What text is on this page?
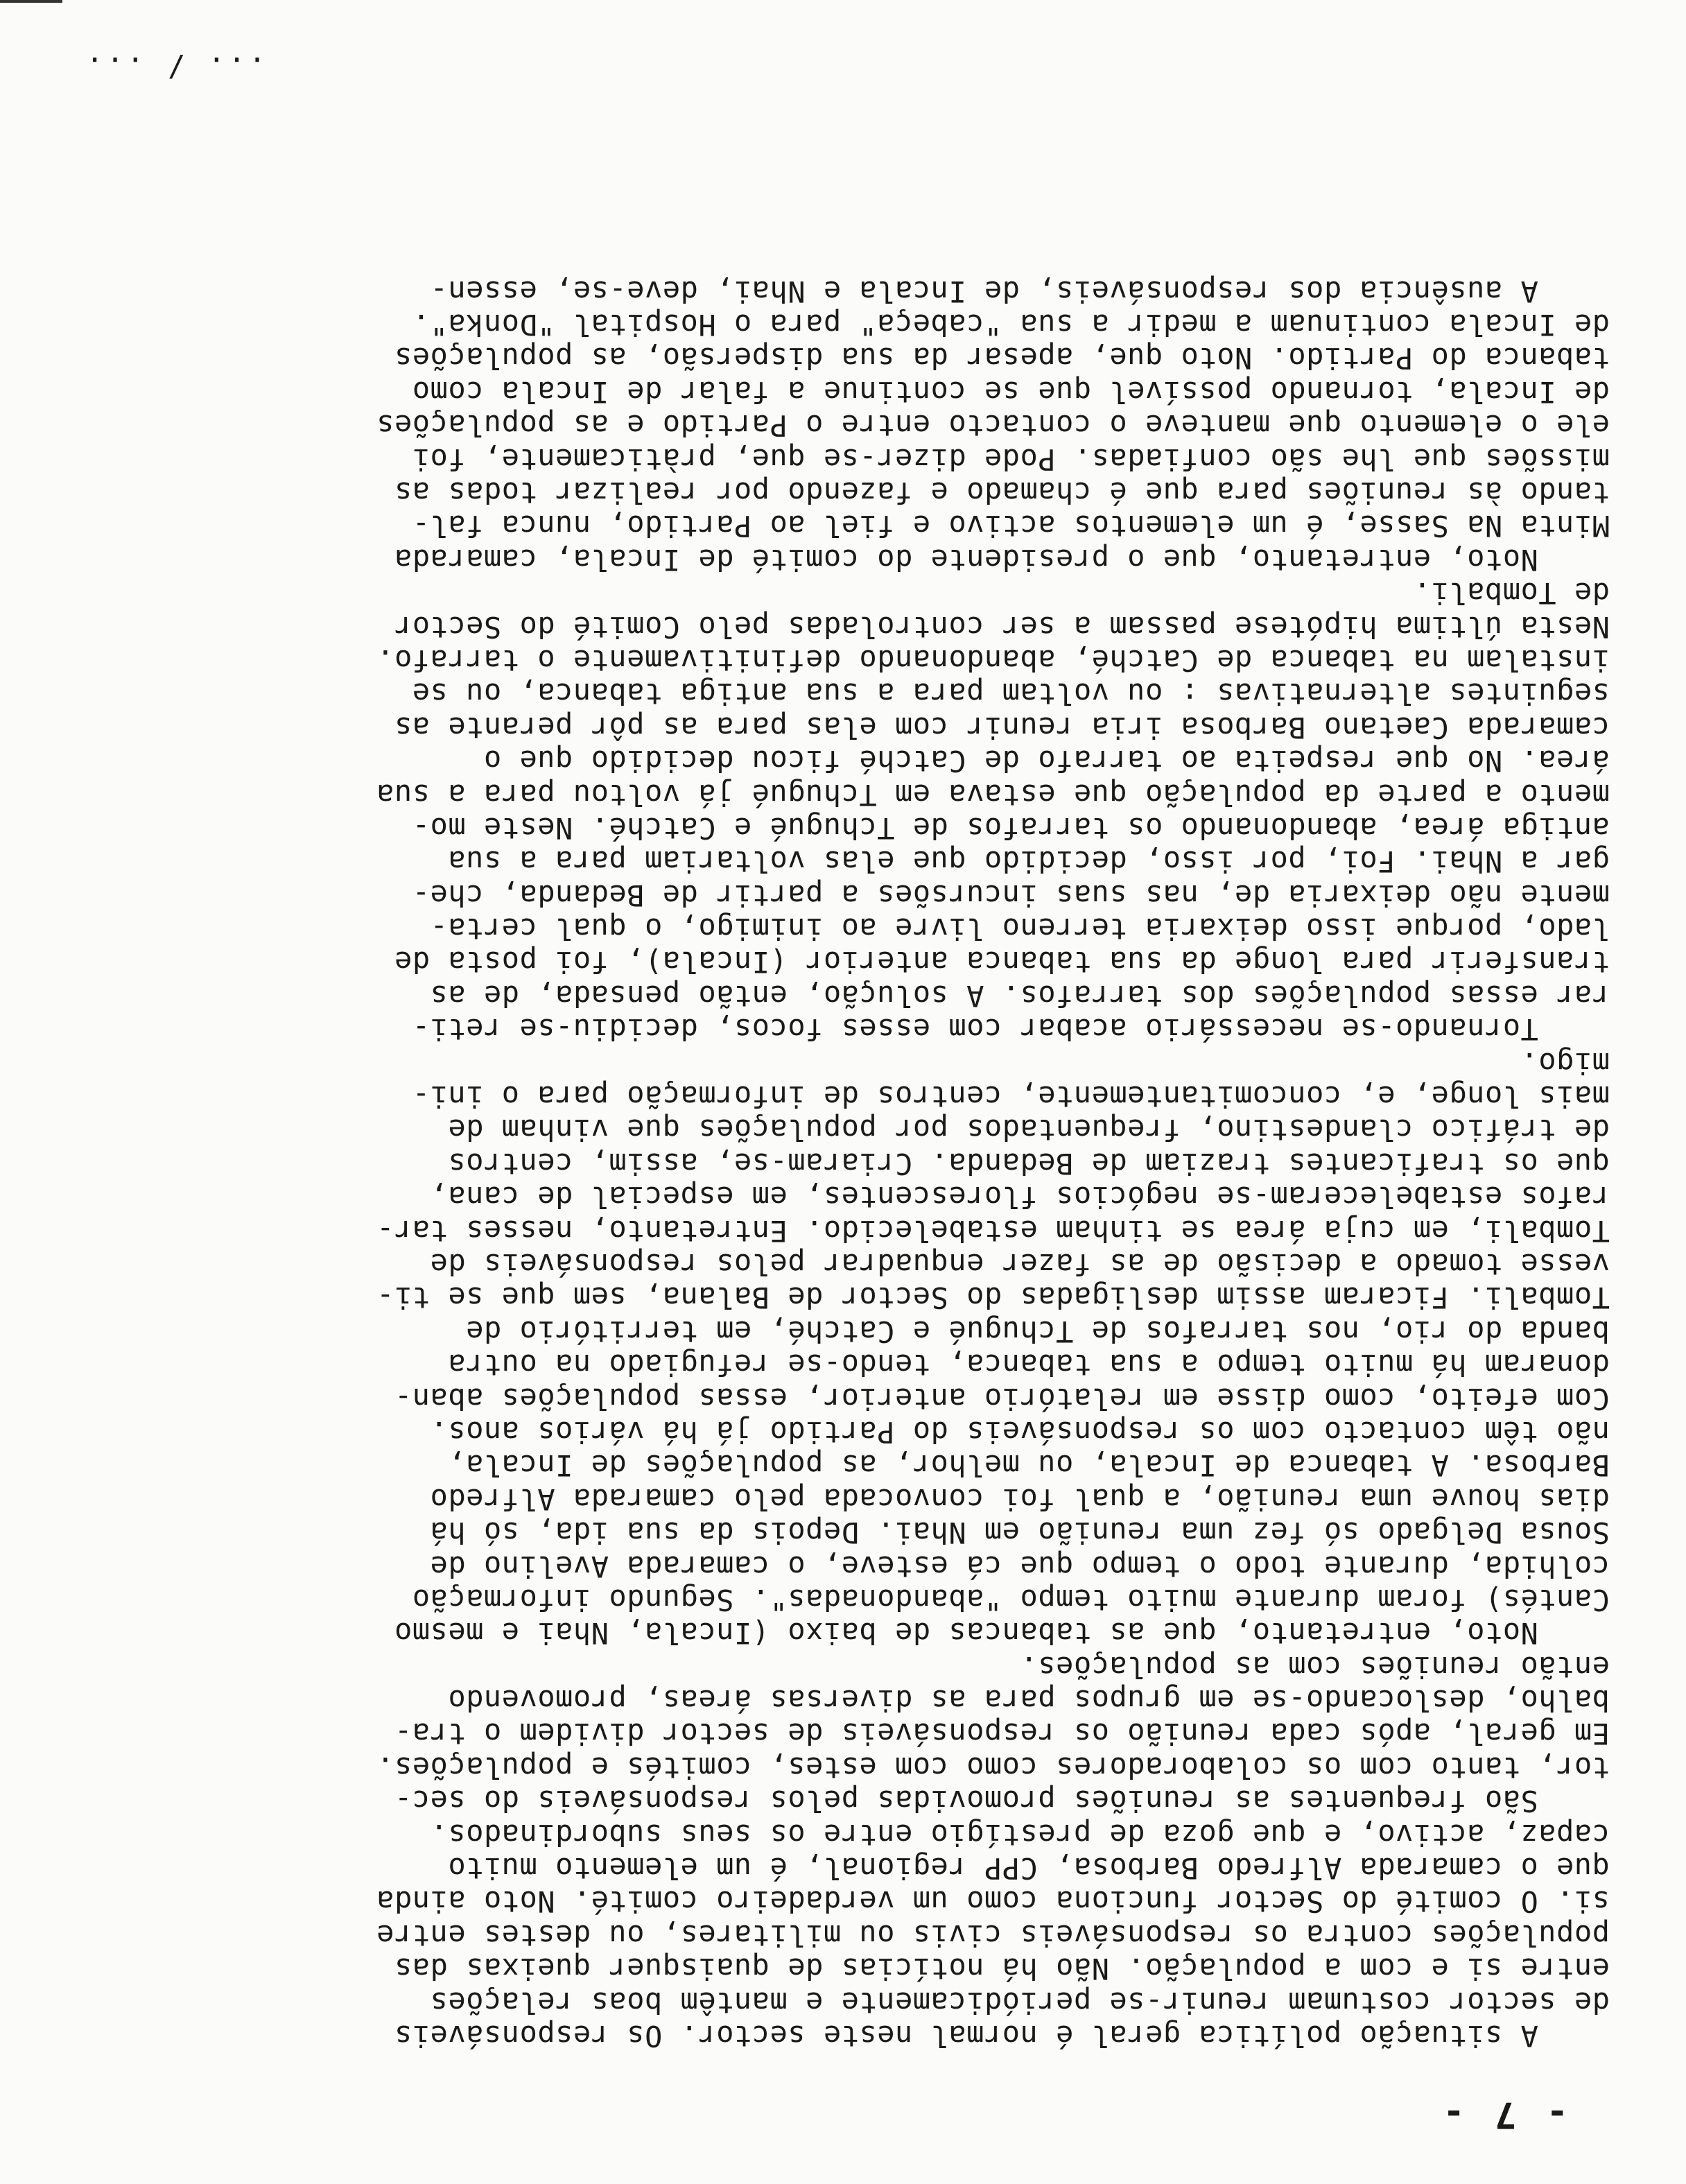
- 7 -
A situação política geral é normal neste sector. Os responsáveis
de sector costumam reunir-se periódicamente e mantêm boas relações
entre si e com a população. Não há notícias de quaisquer queixas das
populações contra os responsáveis civis ou militares, ou destes entre
si. O comité do Sector funciona como um verdadeiro comité. Noto ainda
que o camarada Alfredo Barbosa, CPP regional, é um elemento muito
capaz, activo, e que goza de prestígio entre os seus subordinados.
São frequentes as reuniões promovidas pelos responsáveis do sec-
tor, tanto com os colaboradores como com estes, comités e populações.
Em geral, após cada reunião os responsáveis de sector dividem o tra-
balho, deslocando-se em grupos para as diversas áreas, promovendo
então reuniões com as populações.
Noto, entretanto, que as tabancas de baixo (Incala, Nhai e mesmo
Cantés) foram durante muito tempo "abandonadas". Segundo informação
colhida, durante todo o tempo que cá esteve, o camarada Avelino de
Sousa Delgado só fez uma reunião em Nhai. Depois da sua ida, só há
dias houve uma reunião, a qual foi convocada pelo camarada Alfredo
Barbosa. A tabanca de Incala, ou melhor, as populações de Incala,
não têm contacto com os responsáveis do Partido já há vários anos.
Com efeito, como disse em relatório anterior, essas populações aban-
donaram há muito tempo a sua tabanca, tendo-se refugiado na outra
banda do rio, nos tarrafos de Tchugué e Catché, em território de
Tombali. Ficaram assim desligadas do Sector de Balana, sem que se ti-
vesse tomado a decisão de as fazer enquadrar pelos responsáveis de
Tombali, em cuja área se tinham estabelecido. Entretanto, nesses tar-
rafos estabeleceram-se negócios florescentes, em especial de cana,
que os traficantes traziam de Bedanda. Criaram-se, assim, centros
de tráfico clandestino, frequentados por populações que vinham de
mais longe, e, concomitantemente, centros de informação para o ini-
migo.
Tornando-se necessário acabar com esses focos, decidiu-se reti-
rar essas populações dos tarrafos. A solução, então pensada, de as
transferir para longe da sua tabanca anterior (Incala), foi posta de
lado, porque isso deixaria terreno livre ao inimigo, o qual certa-
mente não deixaria de, nas suas incursões a partir de Bedanda, che-
gar a Nhai. Foi, por isso, decidido que elas voltariam para a sua
antiga área, abandonando os tarrafos de Tchugué e Catché. Neste mo-
mento a parte da população que estava em Tchugué já voltou para a sua
área. No que respeita ao tarrafo de Catché ficou decidido que o
camarada Caetano Barbosa iria reunir com elas para as pôr perante as
seguintes alternativas : ou voltam para a sua antiga tabanca, ou se
instalam na tabanca de Catché, abandonando definitivamente o tarrafo.
Nesta última hipótese passam a ser controladas pelo Comité do Sector
de Tombali.
Noto, entretanto, que o presidente do comité de Incala, camarada
Minta Na Sasse, é um elementos activo e fiel ao Partido, nunca fal-
tando às reuniões para que é chamado e fazendo por realizar todas as
missões que lhe são confiadas. Pode dizer-se que, pràticamente, foi
ele o elemento que manteve o contacto entre o Partido e as populações
de Incala, tornando possível que se continue a falar de Incala como
tabanca do Partido. Noto que, apesar da sua dispersão, as populações
de Incala continuam a medir a sua "cabeça" para o Hospital "Donka".
A ausência dos responsáveis, de Incala e Nhai, deve-se, essen-
... / ...
